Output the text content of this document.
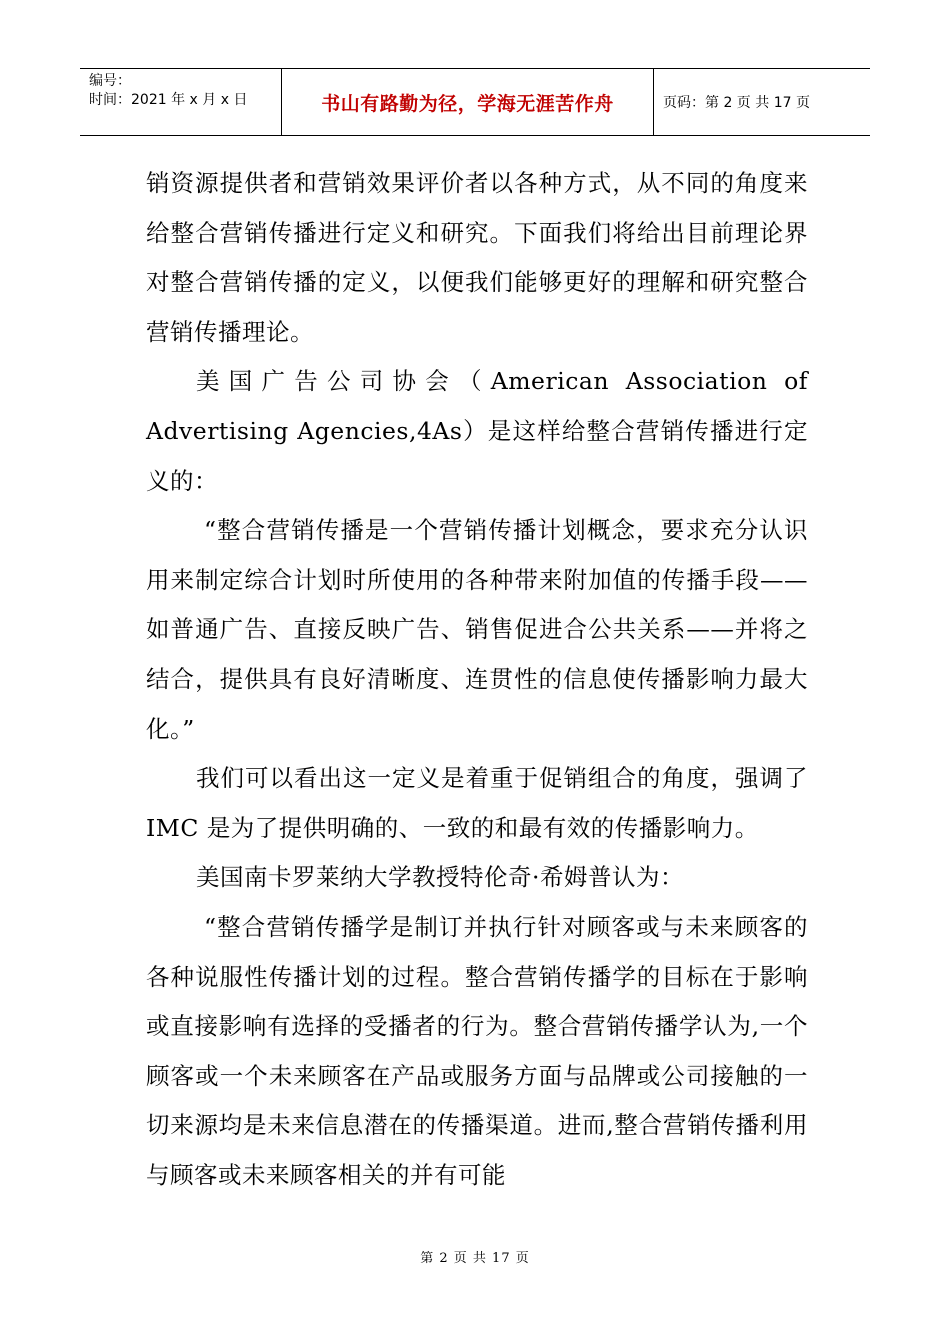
编号：
时间：2021 年 x 月 x 日	书山有路勤为径，学海无涯苦作舟	页码：第 2 页 共 17 页

销资源提供者和营销效果评价者以各种方式，从不同的角度来给整合营销传播进行定义和研究。下面我们将给出目前理论界对整合营销传播的定义，以便我们能够更好的理解和研究整合营销传播理论。

美国广告公司协会（American Association of Advertising Agencies,4As）是这样给整合营销传播进行定义的：

“整合营销传播是一个营销传播计划概念，要求充分认识用来制定综合计划时所使用的各种带来附加值的传播手段——如普通广告、直接反映广告、销售促进合公共关系——并将之结合，提供具有良好清晰度、连贯性的信息使传播影响力最大化。”

我们可以看出这一定义是着重于促销组合的角度，强调了 IMC 是为了提供明确的、一致的和最有效的传播影响力。

美国南卡罗莱纳大学教授特伦奇·希姆普认为：

“整合营销传播学是制订并执行针对顾客或与未来顾客的各种说服性传播计划的过程。整合营销传播学的目标在于影响或直接影响有选择的受播者的行为。整合营销传播学认为,一个顾客或一个未来顾客在产品或服务方面与品牌或公司接触的一切来源均是未来信息潜在的传播渠道。进而,整合营销传播利用与顾客或未来顾客相关的并有可能

第 2 页 共 17 页
